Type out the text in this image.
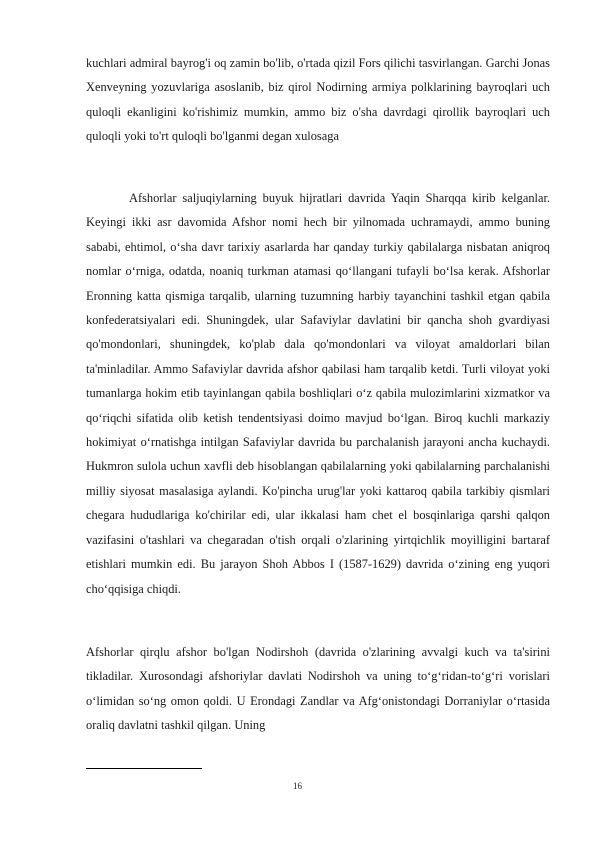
kuchlari admiral bayrog'i oq zamin bo'lib, o'rtada qizil Fors qilichi tasvirlangan. Garchi Jonas Xenveyning yozuvlariga asoslanib, biz qirol Nodirning armiya polklarining bayroqlari uch quloqli ekanligini ko'rishimiz mumkin, ammo biz o'sha davrdagi qirollik bayroqlari uch quloqli yoki to'rt quloqli bo'lganmi degan xulosaga

Afshorlar saljuqiylarning buyuk hijratlari davrida Yaqin Sharqqa kirib kelganlar. Keyingi ikki asr davomida Afshor nomi hech bir yilnomada uchramaydi, ammo buning sababi, ehtimol, o‘sha davr tarixiy asarlarda har qanday turkiy qabilalarga nisbatan aniqroq nomlar o‘rniga, odatda, noaniq turkman atamasi qo‘llangani tufayli bo‘lsa kerak. Afshorlar Eronning katta qismiga tarqalib, ularning tuzumning harbiy tayanchini tashkil etgan qabila konfederatsiyalari edi. Shuningdek, ular Safaviylar davlatini bir qancha shoh gvardiyasi qo'mondonlari, shuningdek, ko'plab dala qo'mondonlari va viloyat amaldorlari bilan ta'minladilar. Ammo Safaviylar davrida afshor qabilasi ham tarqalib ketdi. Turli viloyat yoki tumanlarga hokim etib tayinlangan qabila boshliqlari o‘z qabila mulozimlarini xizmatkor va qo‘riqchi sifatida olib ketish tendentsiyasi doimo mavjud bo‘lgan. Biroq kuchli markaziy hokimiyat o‘rnatishga intilgan Safaviylar davrida bu parchalanish jarayoni ancha kuchaydi. Hukmron sulola uchun xavfli deb hisoblangan qabilalarning yoki qabilalarning parchalanishi milliy siyosat masalasiga aylandi. Ko'pincha urug'lar yoki kattaroq qabila tarkibiy qismlari chegara hududlariga ko'chirilar edi, ular ikkalasi ham chet el bosqinlariga qarshi qalqon vazifasini o'tashlari va chegaradan o'tish orqali o'zlarining yirtqichlik moyilligini bartaraf etishlari mumkin edi. Bu jarayon Shoh Abbos I (1587-1629) davrida o‘zining eng yuqori cho‘qqisiga chiqdi.

Afshorlar qirqlu afshor bo'lgan Nodirshoh (davrida o'zlarining avvalgi kuch va ta'sirini tikladilar. Xurosondagi afshoriylar davlati Nodirshoh va uning to‘g‘ridan-to‘g‘ri vorislari o‘limidan so‘ng omon qoldi. U Erondagi Zandlar va Afg‘onistondagi Dorraniylar o‘rtasida oraliq davlatni tashkil qilgan. Uning

16
